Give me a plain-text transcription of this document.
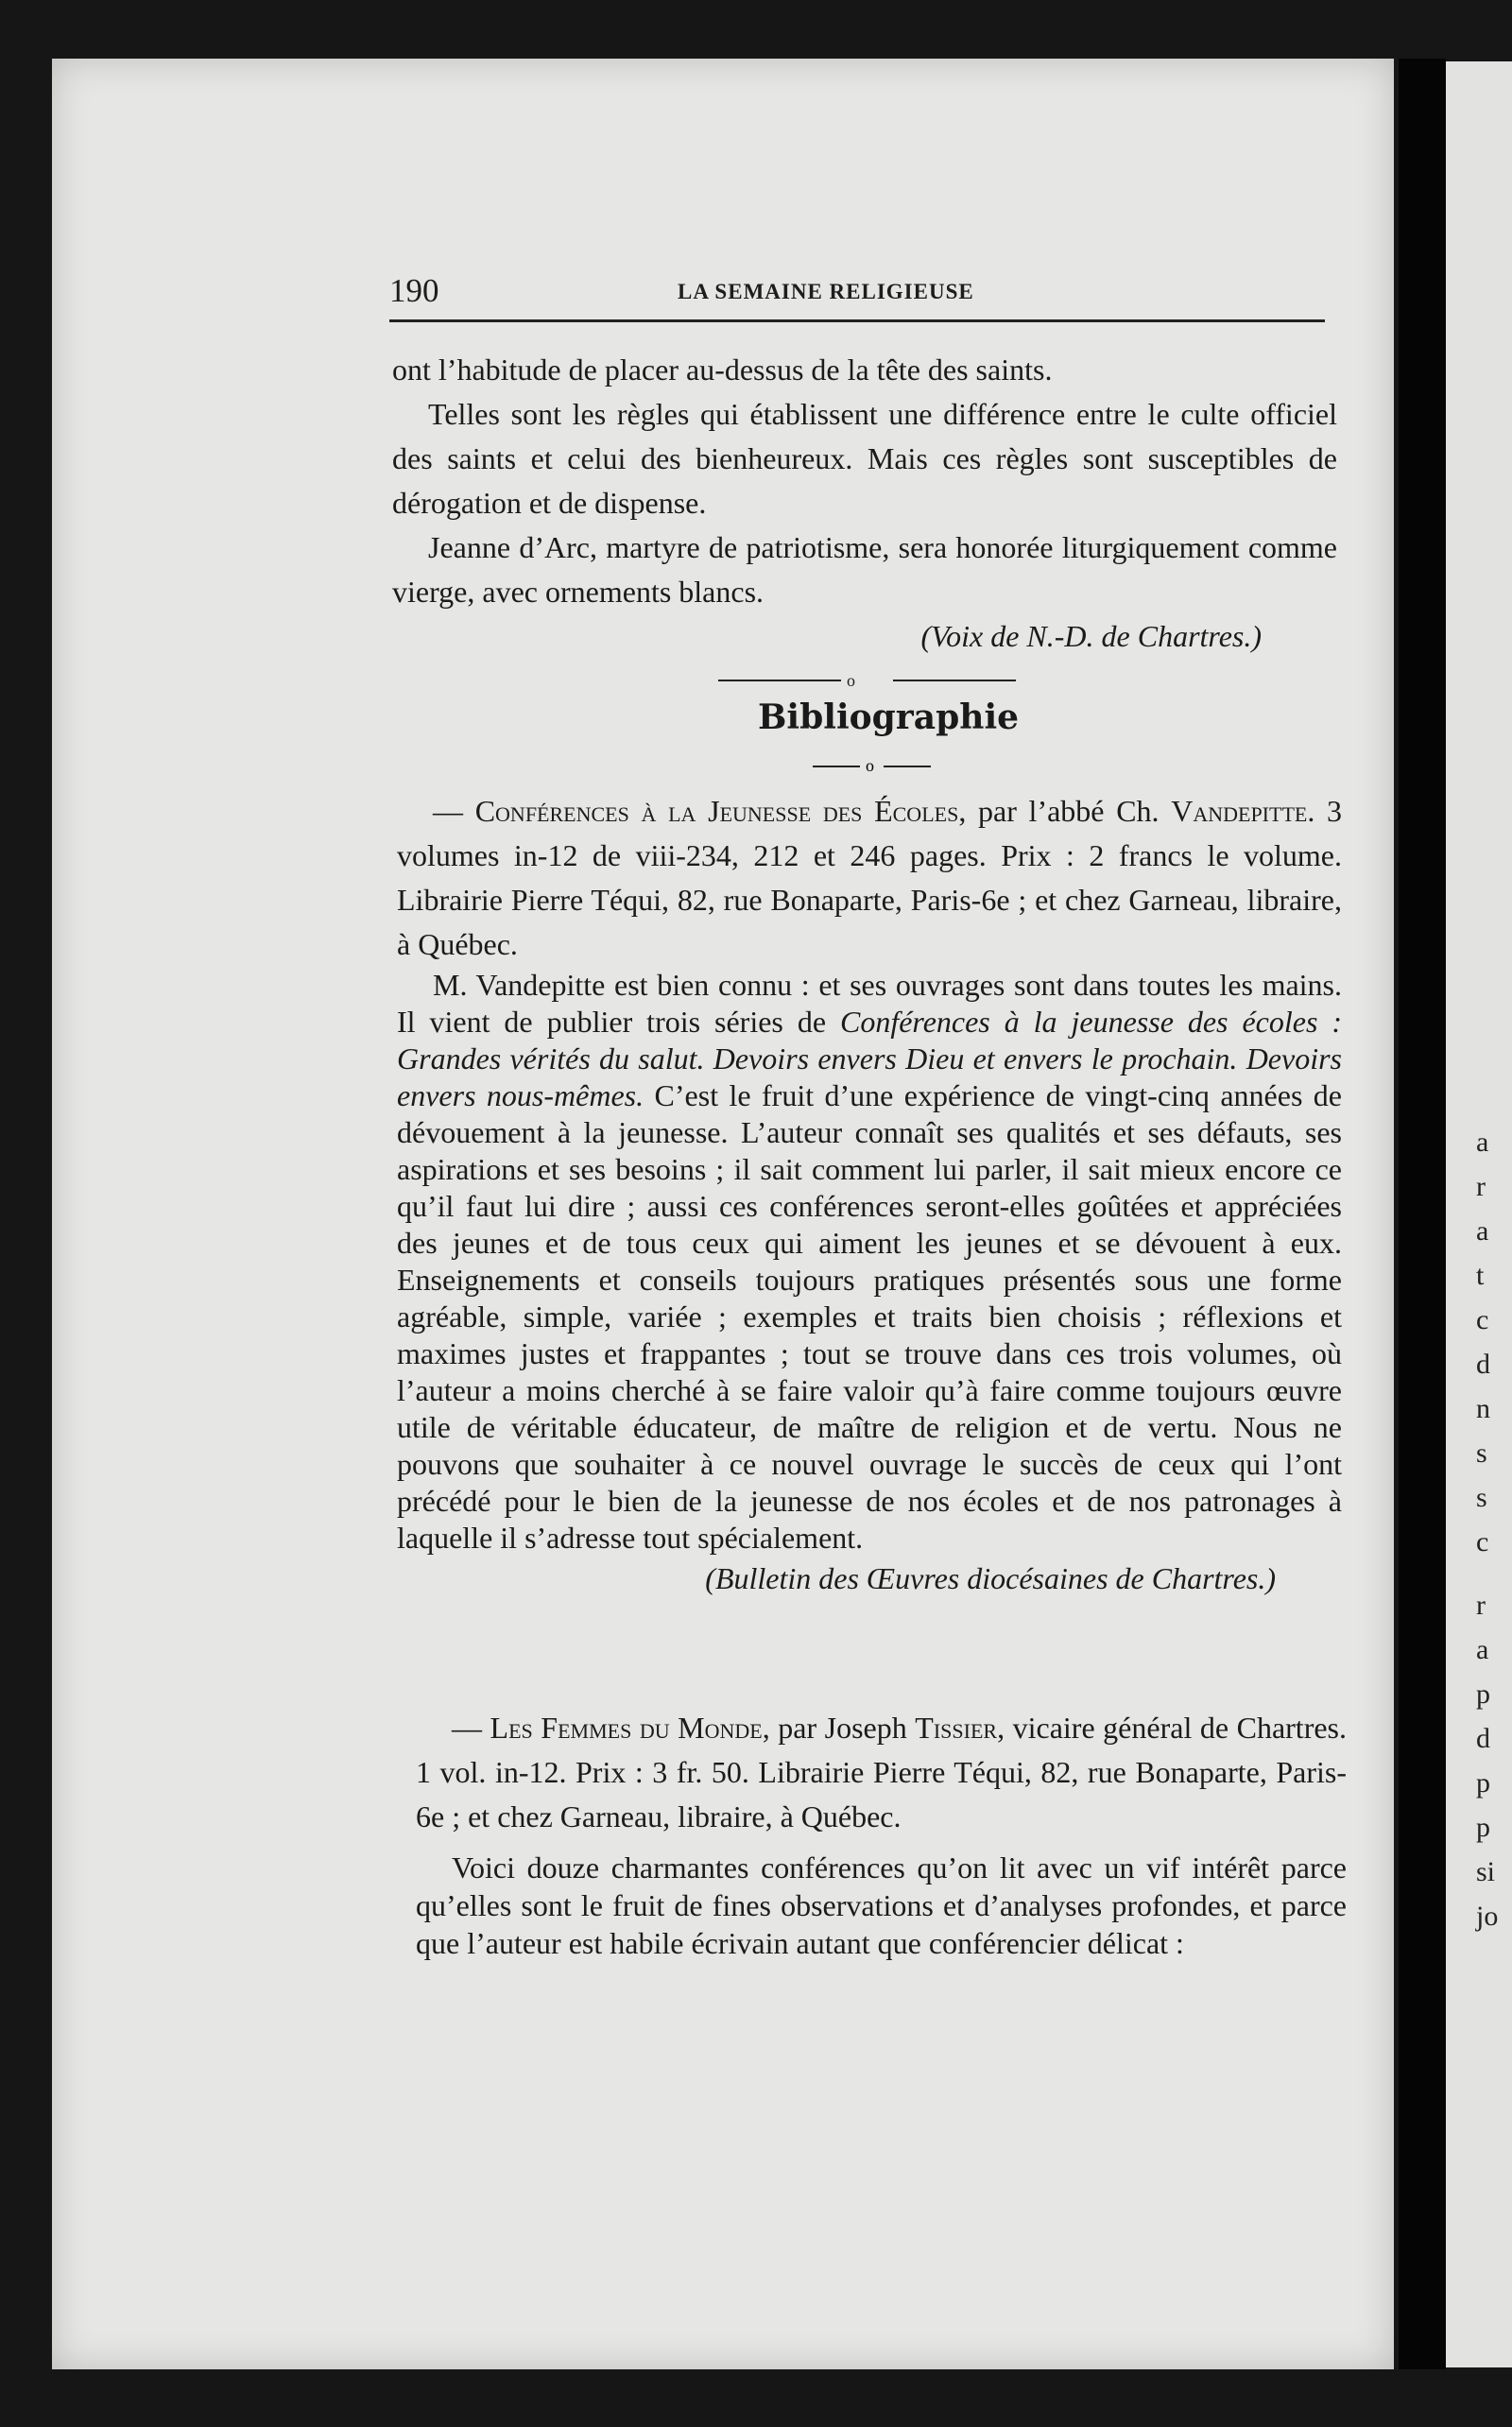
190	LA SEMAINE RELIGIEUSE

ont l’habitude de placer au-dessus de la tête des saints.

Telles sont les règles qui établissent une différence entre le culte officiel des saints et celui des bienheureux. Mais ces règles sont susceptibles de dérogation et de dispense.

Jeanne d’Arc, martyre de patriotisme, sera honorée liturgiquement comme vierge, avec ornements blancs.

(Voix de N.-D. de Chartres.)

o
Bibliographie
o

— Conférences à la Jeunesse des Écoles, par l’abbé Ch. Vandepitte. 3 volumes in-12 de viii-234, 212 et 246 pages. Prix : 2 francs le volume. Librairie Pierre Téqui, 82, rue Bonaparte, Paris-6e ; et chez Garneau, libraire, à Québec.

M. Vandepitte est bien connu : et ses ouvrages sont dans toutes les mains. Il vient de publier trois séries de Conférences à la jeunesse des écoles : Grandes vérités du salut. Devoirs envers Dieu et envers le prochain. Devoirs envers nous-mêmes. C’est le fruit d’une expérience de vingt-cinq années de dévouement à la jeunesse. L’auteur connaît ses qualités et ses défauts, ses aspirations et ses besoins ; il sait comment lui parler, il sait mieux encore ce qu’il faut lui dire ; aussi ces conférences seront-elles goûtées et appréciées des jeunes et de tous ceux qui aiment les jeunes et se dévouent à eux. Enseignements et conseils toujours pratiques présentés sous une forme agréable, simple, variée ; exemples et traits bien choisis ; réflexions et maximes justes et frappantes ; tout se trouve dans ces trois volumes, où l’auteur a moins cherché à se faire valoir qu’à faire comme toujours œuvre utile de véritable éducateur, de maître de religion et de vertu. Nous ne pouvons que souhaiter à ce nouvel ouvrage le succès de ceux qui l’ont précédé pour le bien de la jeunesse de nos écoles et de nos patronages à laquelle il s’adresse tout spécialement.

(Bulletin des Œuvres diocésaines de Chartres.)

— Les Femmes du Monde, par Joseph Tissier, vicaire général de Chartres. 1 vol. in-12. Prix : 3 fr. 50. Librairie Pierre Téqui, 82, rue Bonaparte, Paris-6e ; et chez Garneau, libraire, à Québec.

Voici douze charmantes conférences qu’on lit avec un vif intérêt parce qu’elles sont le fruit de fines observations et d’analyses profondes, et parce que l’auteur est habile écrivain autant que conférencier délicat :

a
r
a
t
c
d
n
s
s
c
r
a
p
d
p
p
si
jo
